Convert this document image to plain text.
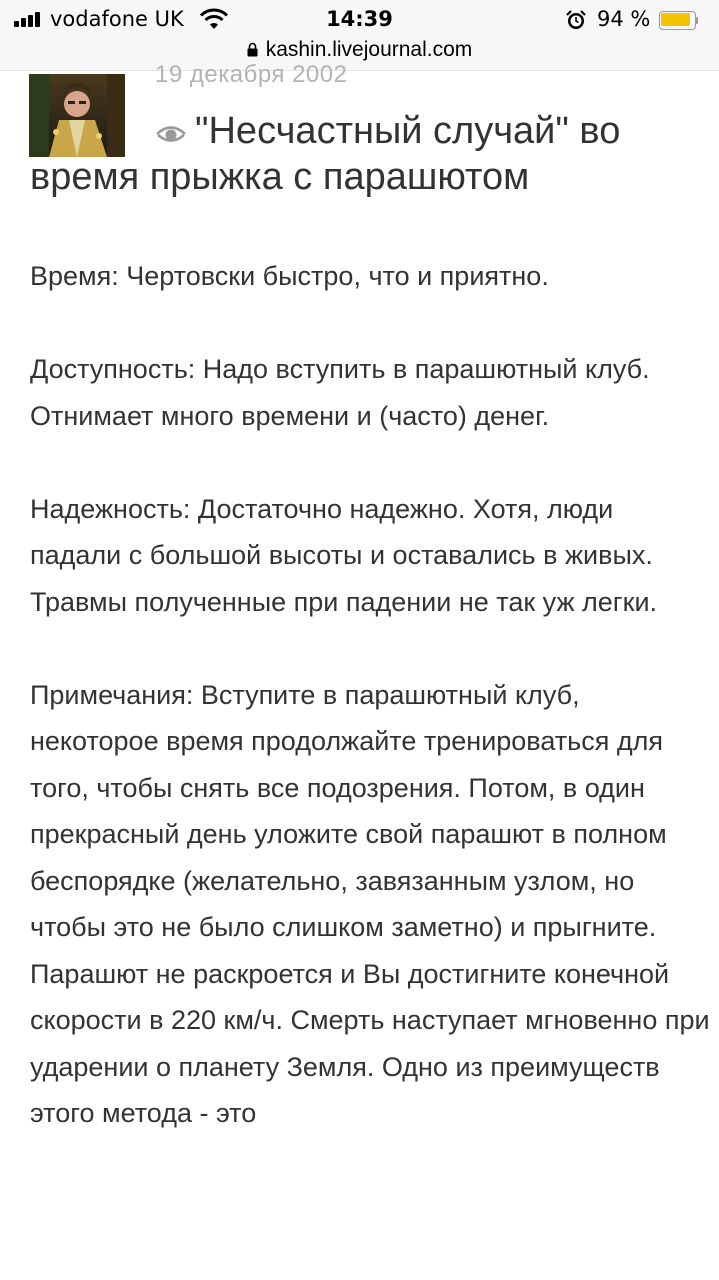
vodafone UK	14:39	94 %
kashin.livejournal.com
19 декабря 2002
"Несчастный случай" во время прыжка с парашютом

Время: Чертовски быстро, что и приятно.

Доступность: Надо вступить в парашютный клуб. Отнимает много времени и (часто) денег.

Надежность: Достаточно надежно. Хотя, люди падали с большой высоты и оставались в живых. Травмы полученные при падении не так уж легки.

Примечания: Вступите в парашютный клуб, некоторое время продолжайте тренироваться для того, чтобы снять все подозрения. Потом, в один прекрасный день уложите свой парашют в полном беспорядке (желательно, завязанным узлом, но чтобы это не было слишком заметно) и прыгните. Парашют не раскроется и Вы достигните конечной скорости в 220 км/ч. Смерть наступает мгновенно при ударении о планету Земля. Одно из преимуществ этого метода - это
